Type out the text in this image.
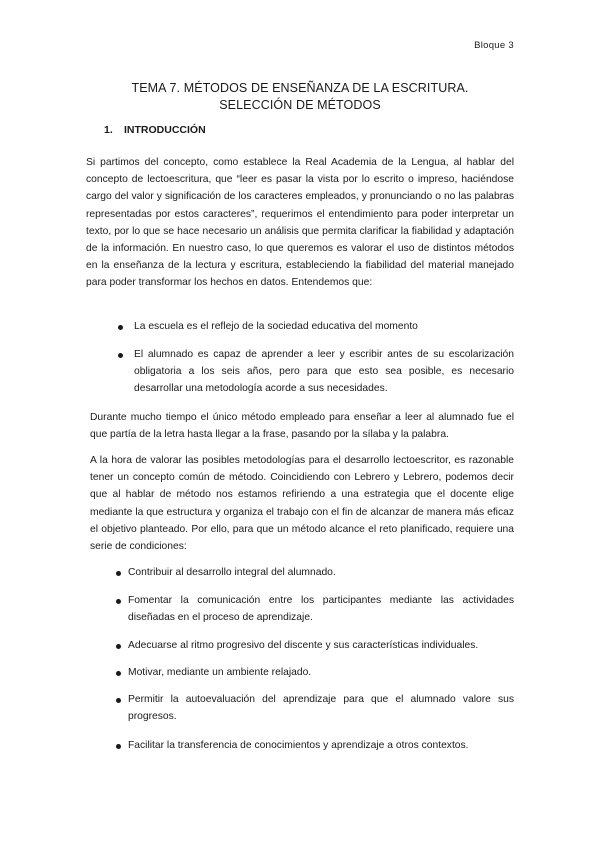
Bloque 3
TEMA 7. MÉTODOS DE ENSEÑANZA DE LA ESCRITURA. SELECCIÓN DE MÉTODOS
1. INTRODUCCIÓN
Si partimos del concepto, como establece la Real Academia de la Lengua, al hablar del concepto de lectoescritura, que “leer es pasar la vista por lo escrito o impreso, haciéndose cargo del valor y significación de los caracteres empleados, y pronunciando o no las palabras representadas por estos caracteres”, requerimos el entendimiento para poder interpretar un texto, por lo que se hace necesario un análisis que permita clarificar la fiabilidad y adaptación de la información. En nuestro caso, lo que queremos es valorar el uso de distintos métodos en la enseñanza de la lectura y escritura, estableciendo la fiabilidad del material manejado para poder transformar los hechos en datos. Entendemos que:
La escuela es el reflejo de la sociedad educativa del momento
El alumnado es capaz de aprender a leer y escribir antes de su escolarización obligatoria a los seis años, pero para que esto sea posible, es necesario desarrollar una metodología acorde a sus necesidades.
Durante mucho tiempo el único método empleado para enseñar a leer al alumnado fue el que partía de la letra hasta llegar a la frase, pasando por la sílaba y la palabra.
A la hora de valorar las posibles metodologías para el desarrollo lectoescritor, es razonable tener un concepto común de método. Coincidiendo con Lebrero y Lebrero, podemos decir que al hablar de método nos estamos refiriendo a una estrategia que el docente elige mediante la que estructura y organiza el trabajo con el fin de alcanzar de manera más eficaz el objetivo planteado. Por ello, para que un método alcance el reto planificado, requiere una serie de condiciones:
Contribuir al desarrollo integral del alumnado.
Fomentar la comunicación entre los participantes mediante las actividades diseñadas en el proceso de aprendizaje.
Adecuarse al ritmo progresivo del discente y sus características individuales.
Motivar, mediante un ambiente relajado.
Permitir la autoevaluación del aprendizaje para que el alumnado valore sus progresos.
Facilitar la transferencia de conocimientos y aprendizaje a otros contextos.
